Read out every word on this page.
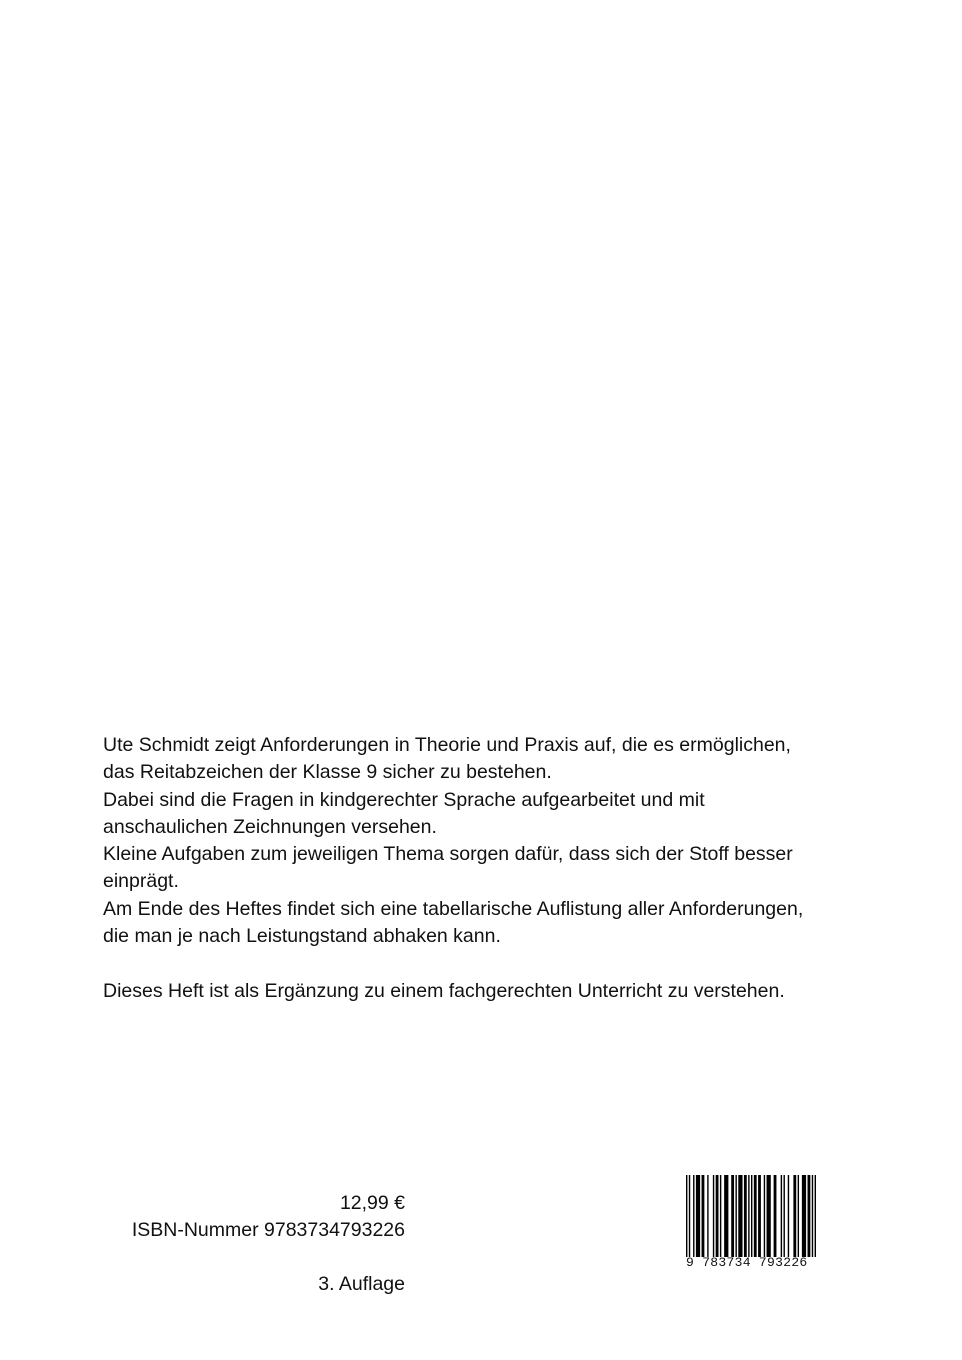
Ute Schmidt zeigt Anforderungen in Theorie und Praxis auf, die es ermöglichen,

das Reitabzeichen der Klasse 9 sicher zu bestehen.

Dabei sind die Fragen in kindgerechter Sprache aufgearbeitet und mit

anschaulichen Zeichnungen versehen.

Kleine Aufgaben zum jeweiligen Thema sorgen dafür, dass sich der Stoff besser

einprägt.

Am Ende des Heftes findet sich eine tabellarische Auflistung aller Anforderungen,

die man je nach Leistungstand abhaken kann.

Dieses Heft ist als Ergänzung zu einem fachgerechten Unterricht zu verstehen.

12,99 €
ISBN-Nummer 9783734793226
3. Auflage
9 783734 793226
